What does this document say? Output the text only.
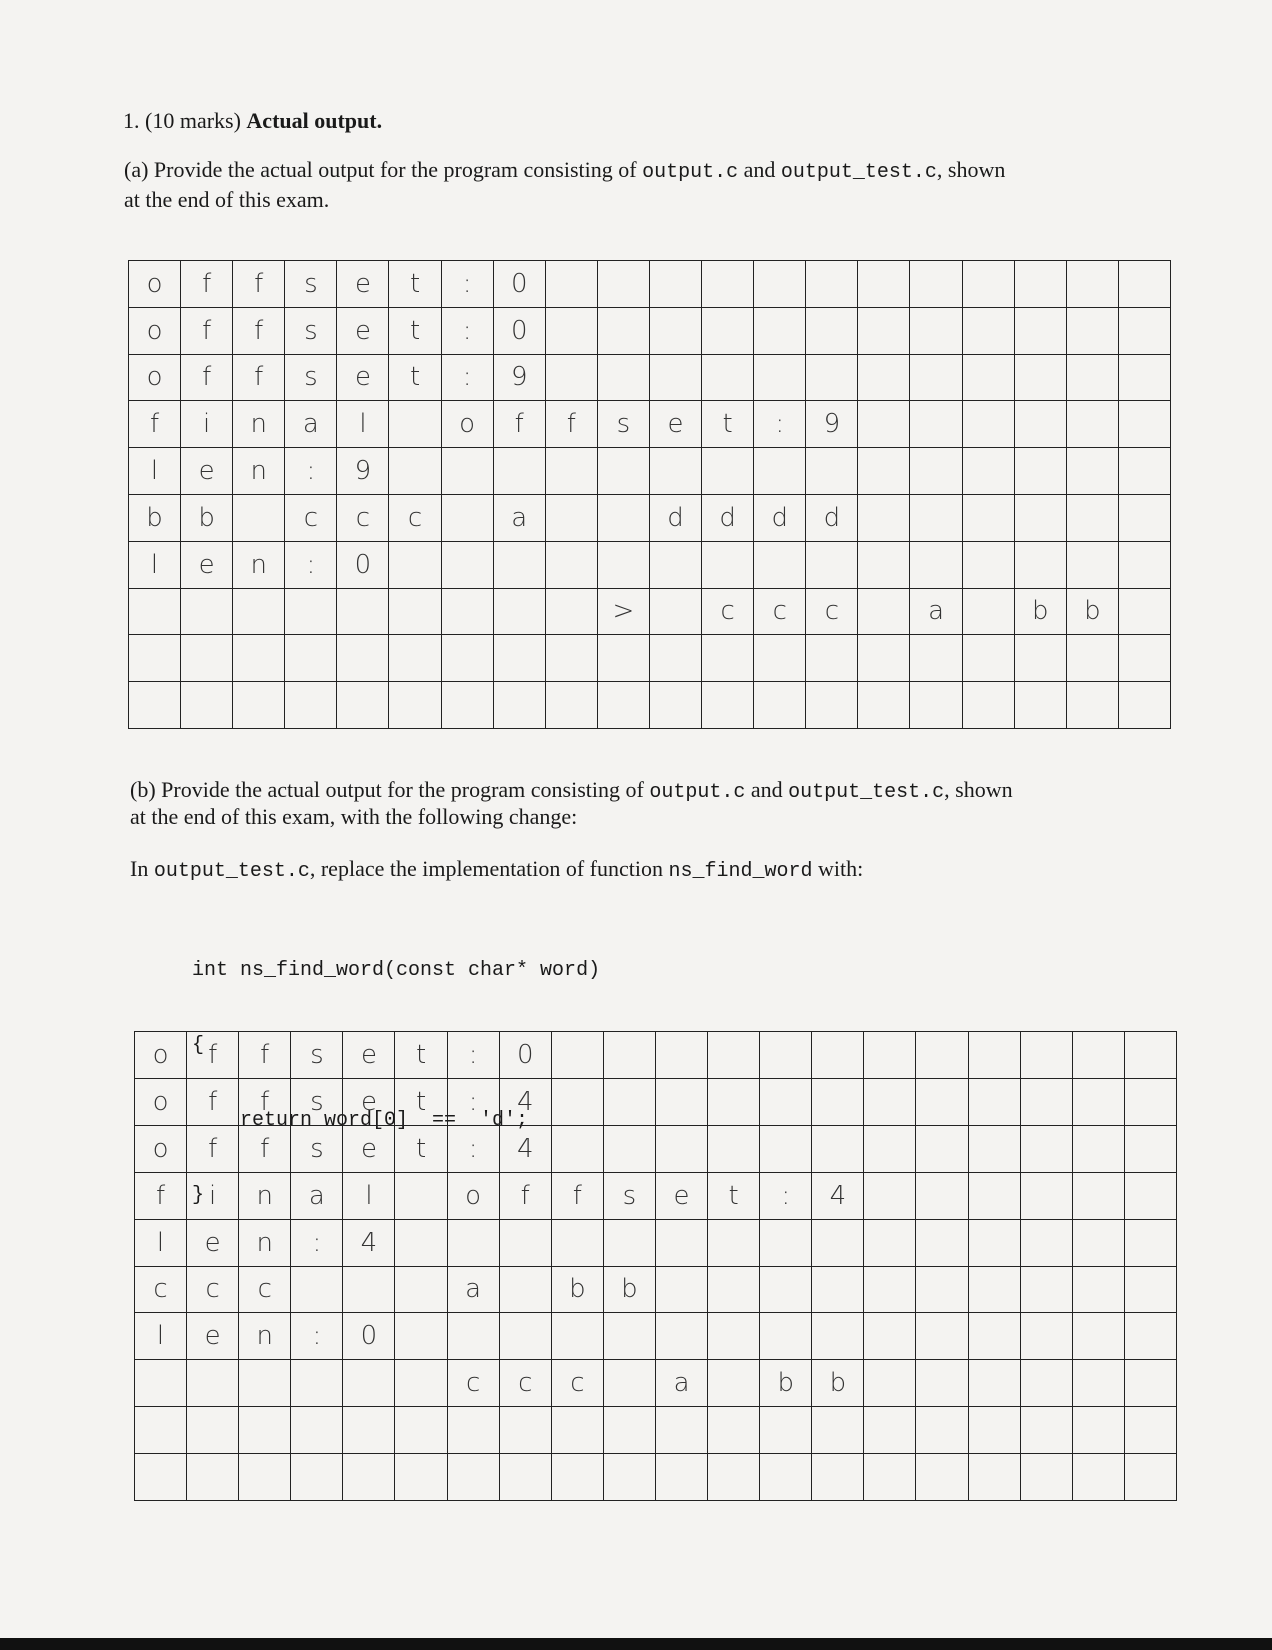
1. (10 marks) Actual output.
(a) Provide the actual output for the program consisting of output.c and output_test.c, shown
at the end of this exam.
o	f	f	s	e	t	:	0
o	f	f	s	e	t	:	0
o	f	f	s	e	t	:	9
f	i	n	a	l	o	f	f	s	e	t	:	9
l	e	n	:	9
b	b	c	c	c	a	d	d	d	d
l	e	n	:	0
>	c	c	c	a	b	b
(b) Provide the actual output for the program consisting of output.c and output_test.c, shown
at the end of this exam, with the following change:
In output_test.c, replace the implementation of function ns_find_word with:

int ns_find_word(const char* word)

{

return word[0]  ==  'd';

}

o	f	f	s	e	t	:	0
o	f	f	s	e	t	:	4
o	f	f	s	e	t	:	4
f	i	n	a	l	o	f	f	s	e	t	:	4
l	e	n	:	4
c	c	c	a	b	b
l	e	n	:	0
c	c	c	a	b	b
